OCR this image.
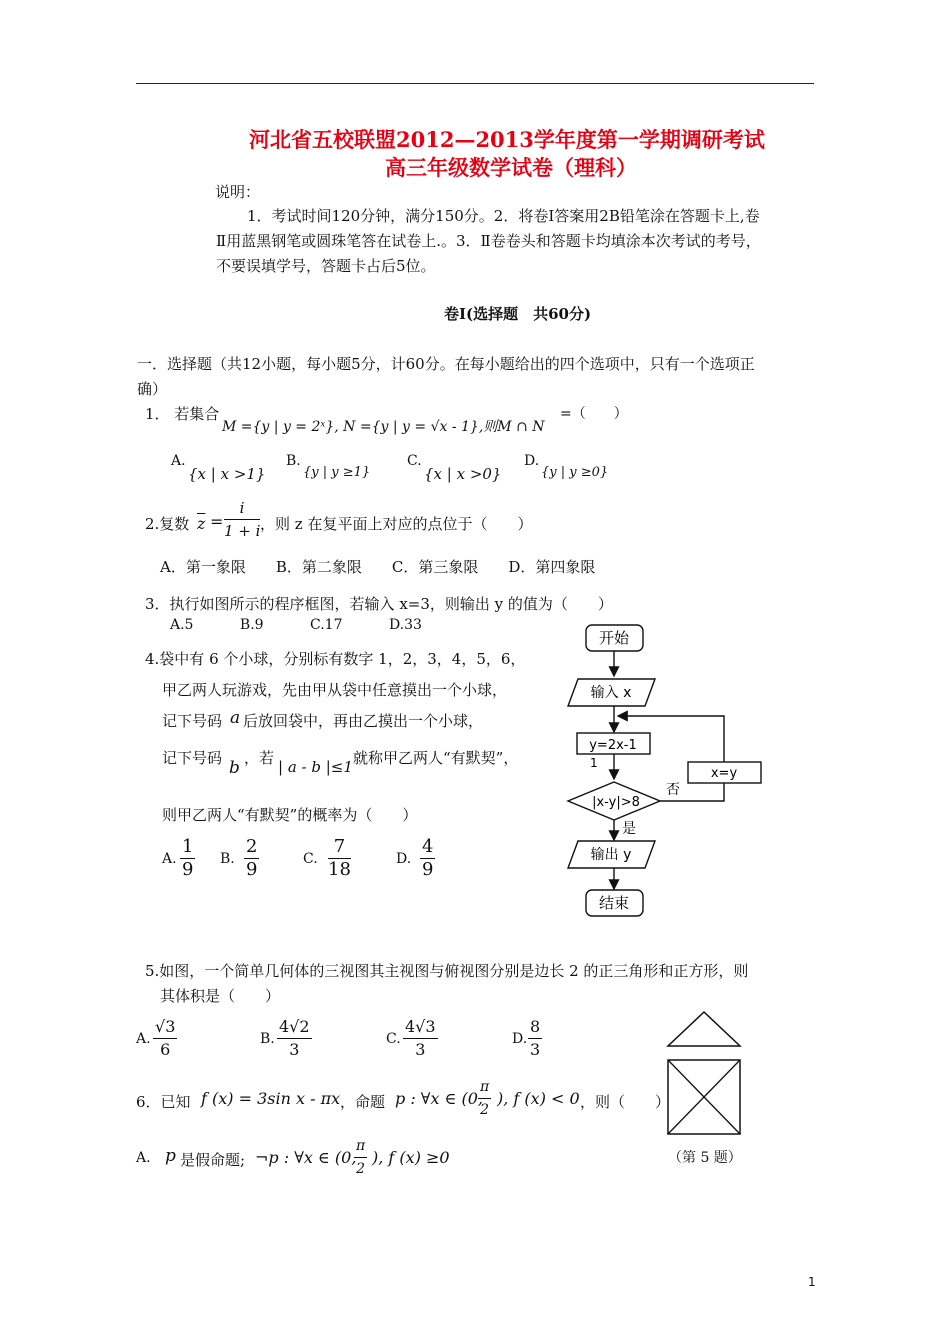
河北省五校联盟2012—2013学年度第一学期调研考试
高三年级数学试卷（理科）
说明：
1．考试时间120分钟，满分150分。2．将卷Ⅰ答案用2B铅笔涂在答题卡上,卷
Ⅱ用蓝黑钢笔或圆珠笔答在试卷上.。3．Ⅱ卷卷头和答题卡均填涂本次考试的考号，
不要误填学号，答题卡占后5位。
卷Ⅰ(选择题　共60分)
一．选择题（共12小题，每小题5分，计60分。在每小题给出的四个选项中，只有一个选项正
确）
1． 若集合
M ={y | y = 2ˣ}, N ={y | y = √x - 1},则M ∩ N
=（　　）
A.
{x | x >1}
B.
{y | y ≥1}
C.
{x | x >0}
D.
{y | y ≥0}
2.复数 $\overline{z} = \frac{i}{1 + i}$ ，则 z 在复平面上对应的点位于（　　）
A．第一象限　　B．第二象限　　C．第三象限　　D．第四象限
3．执行如图所示的程序框图，若输入 x=3，则输出 y 的值为（　　）
A.5　　　 B.9　　　 C.17　　　 D.33
4.袋中有 6 个小球，分别标有数字 1，2，3，4，5，6，
甲乙两人玩游戏，先由甲从袋中任意摸出一个小球，
记下号码 a 后放回袋中，再由乙摸出一个小球，
记下号码 b ，若 | a - b |≤1 就称甲乙两人“有默契”，
则甲乙两人“有默契”的概率为（　　）
A. $\frac{1}{9} B$. $\frac{2}{9}$	C. $\frac{7}{18}$	D. $\frac{4}{9}$
开始
输入 x
y=2x-1
1
x=y
否
|x-y|>8
是
输出 y
结束
5.如图，一个简单几何体的三视图其主视图与俯视图分别是边长 2 的正三角形和正方形，则
其体积是（　　）
A. $\frac{√3}{6}$	B. $\frac{4√2}{3}$	C. $\frac{4√3}{3}$	D. $\frac{8}{3}$
（第 5 题）
6．已知 f (x) = 3sin x - πx ，命题 p : ∀x ∈ (0,
$\frac{\pi}{2}$ ), f (x) < 0 ，则（　　）
A. p 是假命题; ¬p : ∀x ∈ (0,
$\frac{\pi}{2}$ ), f (x) ≥0
1
